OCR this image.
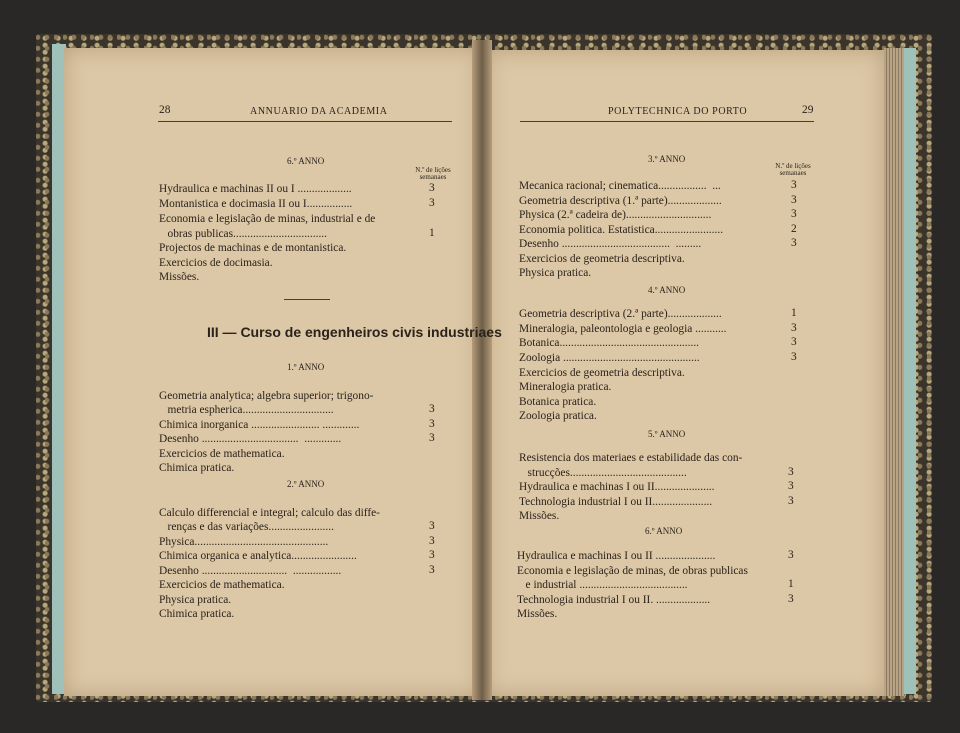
28	ANNUARIO DA ACADEMIA
6.º ANNO
N.º de lições
semanaes
Hydraulica e machinas II ou I ...................	3
Montanistica e docimasia II ou I................	3
Economia e legislação de minas, industrial e de
obras publicas.................................	1
Projectos de machinas e de montanistica.
Exercicios de docimasia.
Missões.
III — Curso de engenheiros civis industriaes
1.º ANNO
Geometria analytica; algebra superior; trigono-
metria espherica................................	3
Chimica inorganica ........................ .............	3
Desenho ..................................  .............	3
Exercicios de mathematica.
Chimica pratica.
2.º ANNO
Calculo differencial e integral; calculo das diffe-
renças e das variações.......................	3
Physica...............................................	3
Chimica organica e analytica.......................	3
Desenho ..............................  .................	3
Exercicios de mathematica.
Physica pratica.
Chimica pratica.
POLYTECHNICA DO PORTO	29
3.º ANNO
N.º de lições
semanaes
Mecanica racional; cinematica.................  ...	3
Geometria descriptiva (1.ª parte)...................	3
Physica (2.ª cadeira de)..............................	3
Economia politica. Estatistica........................	2
Desenho ......................................  .........	3
Exercicios de geometria descriptiva.
Physica pratica.
4.º ANNO
Geometria descriptiva (2.ª parte)...................	1
Mineralogia, paleontologia e geologia ...........	3
Botanica.................................................	3
Zoologia ................................................	3
Exercicios de geometria descriptiva.
Mineralogia pratica.
Botanica pratica.
Zoologia pratica.
5.º ANNO
Resistencia dos materiaes e estabilidade das con-
strucções.........................................	3
Hydraulica e machinas I ou II.....................	3
Technologia industrial I ou II.....................	3
Missões.
6.º ANNO
Hydraulica e machinas I ou II .....................	3
Economia e legislação de minas, de obras publicas
e industrial ......................................	1
Technologia industrial I ou II. ...................	3
Missões.
